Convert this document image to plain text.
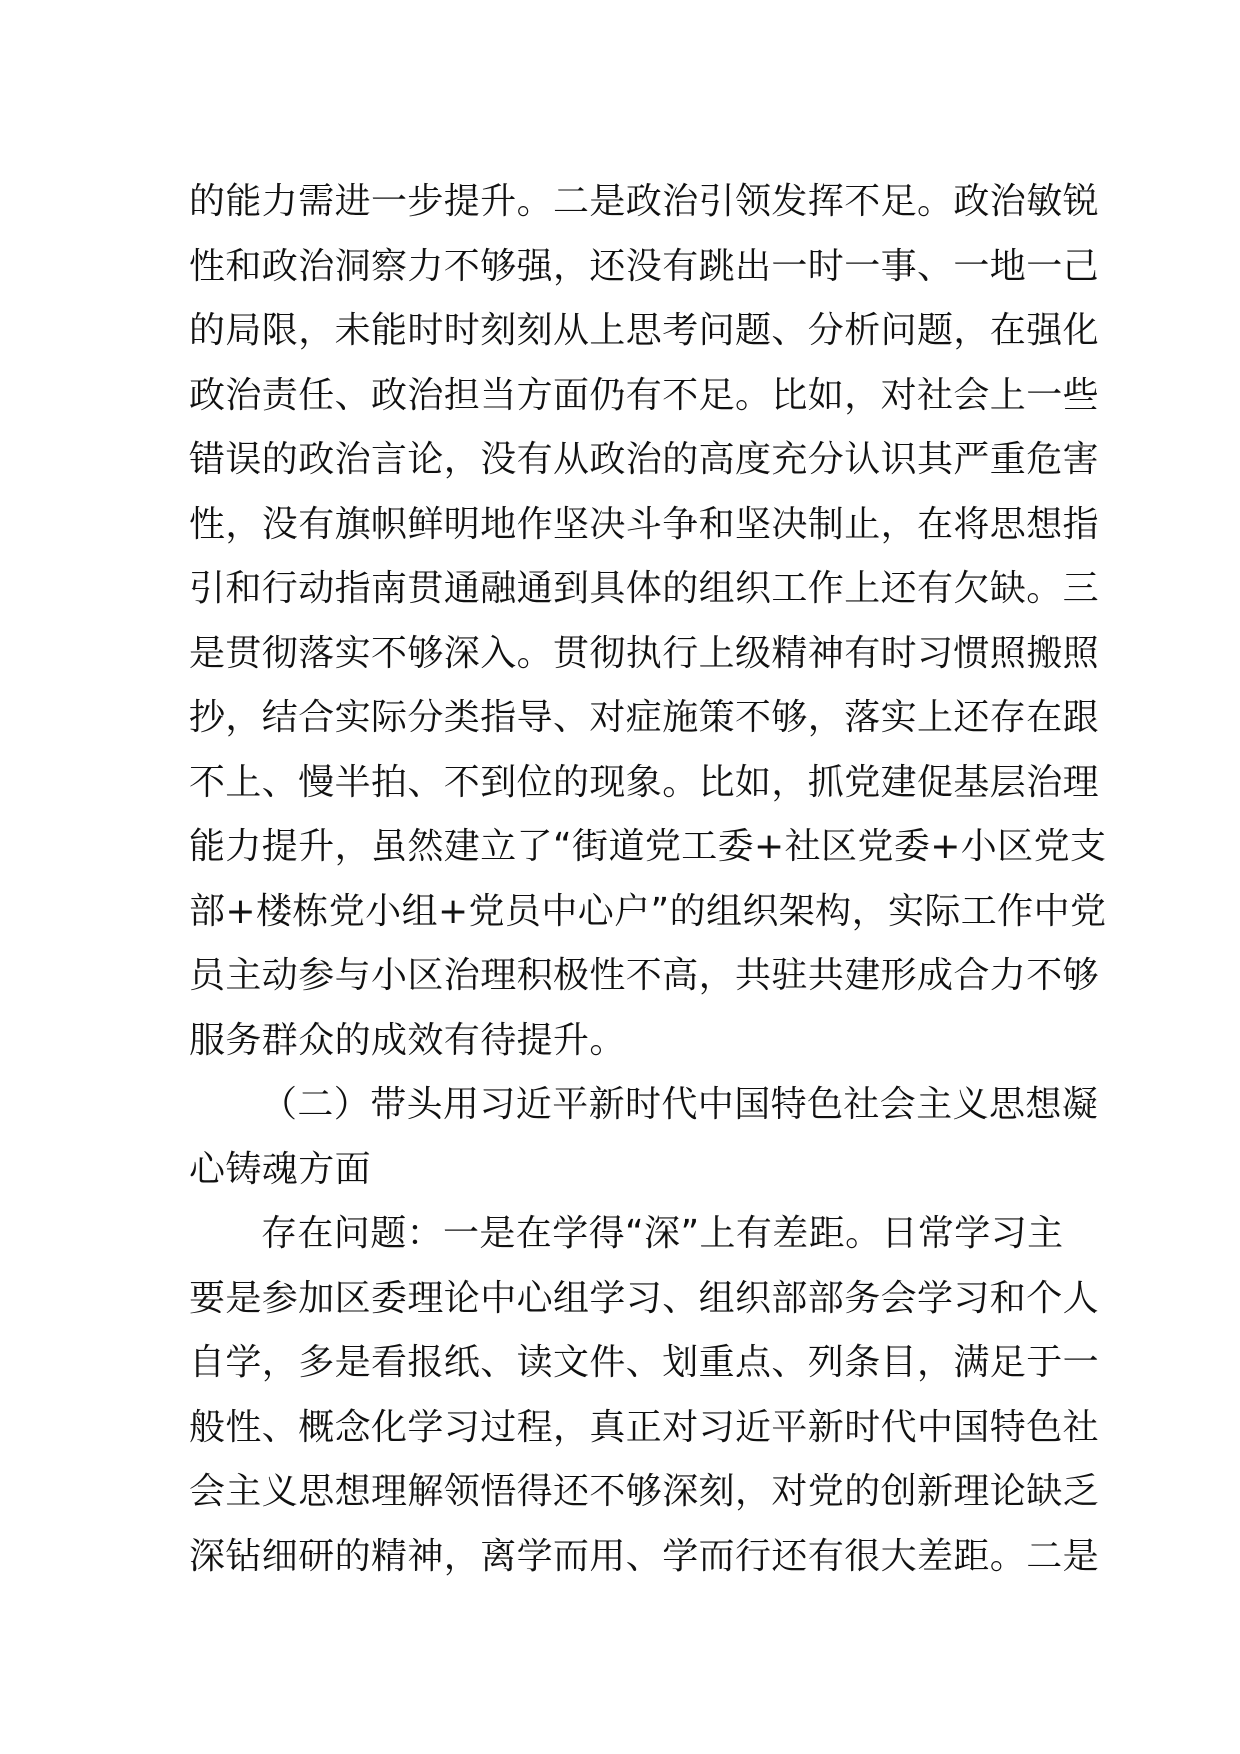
的能力需进一步提升。二是政治引领发挥不足。政治敏锐
性和政治洞察力不够强，还没有跳出一时一事、一地一己
的局限，未能时时刻刻从上思考问题、分析问题，在强化
政治责任、政治担当方面仍有不足。比如，对社会上一些
错误的政治言论，没有从政治的高度充分认识其严重危害
性，没有旗帜鲜明地作坚决斗争和坚决制止，在将思想指
引和行动指南贯通融通到具体的组织工作上还有欠缺。三
是贯彻落实不够深入。贯彻执行上级精神有时习惯照搬照
抄，结合实际分类指导、对症施策不够，落实上还存在跟
不上、慢半拍、不到位的现象。比如，抓党建促基层治理
能力提升，虽然建立了“街道党工委+社区党委+小区党支
部+楼栋党小组+党员中心户”的组织架构，实际工作中党
员主动参与小区治理积极性不高，共驻共建形成合力不够
服务群众的成效有待提升。
（二）带头用习近平新时代中国特色社会主义思想凝
心铸魂方面
存在问题：一是在学得“深”上有差距。日常学习主
要是参加区委理论中心组学习、组织部部务会学习和个人
自学，多是看报纸、读文件、划重点、列条目，满足于一
般性、概念化学习过程，真正对习近平新时代中国特色社
会主义思想理解领悟得还不够深刻，对党的创新理论缺乏
深钻细研的精神，离学而用、学而行还有很大差距。二是
